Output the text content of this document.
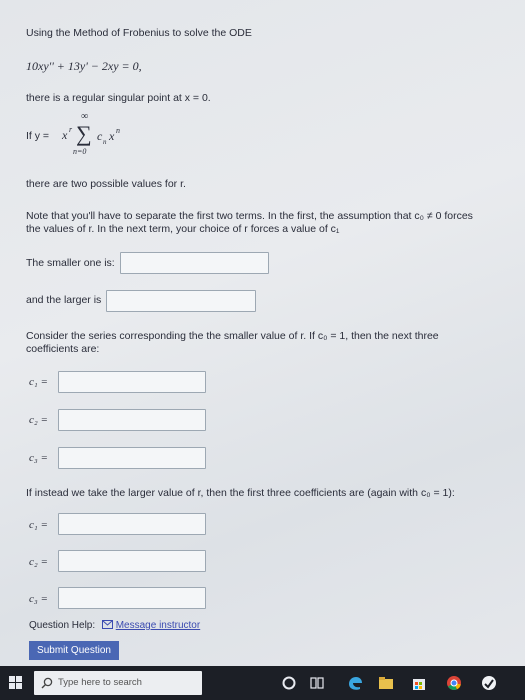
Using the Method of Frobenius to solve the ODE
10xy'' + 13y' − 2xy = 0,
there is a regular singular point at x = 0.
If y = x r ∑
∞
n=0
c n x n
there are two possible values for r.
Note that you'll have to separate the first two terms. In the first, the assumption that c₀ ≠ 0 forces
the values of r. In the next term, your choice of r forces a value of c₁
The smaller one is:
and the larger is
Consider the series corresponding the the smaller value of r. If c₀ = 1, then the next three
coefficients are:
c₁ =
c₂ =
c₃ =
If instead we take the larger value of r, then the first three coefficients are (again with c₀ = 1):
c₁ =
c₂ =
c₃ =
Question Help: Message instructor
Submit Question
Type here to search
